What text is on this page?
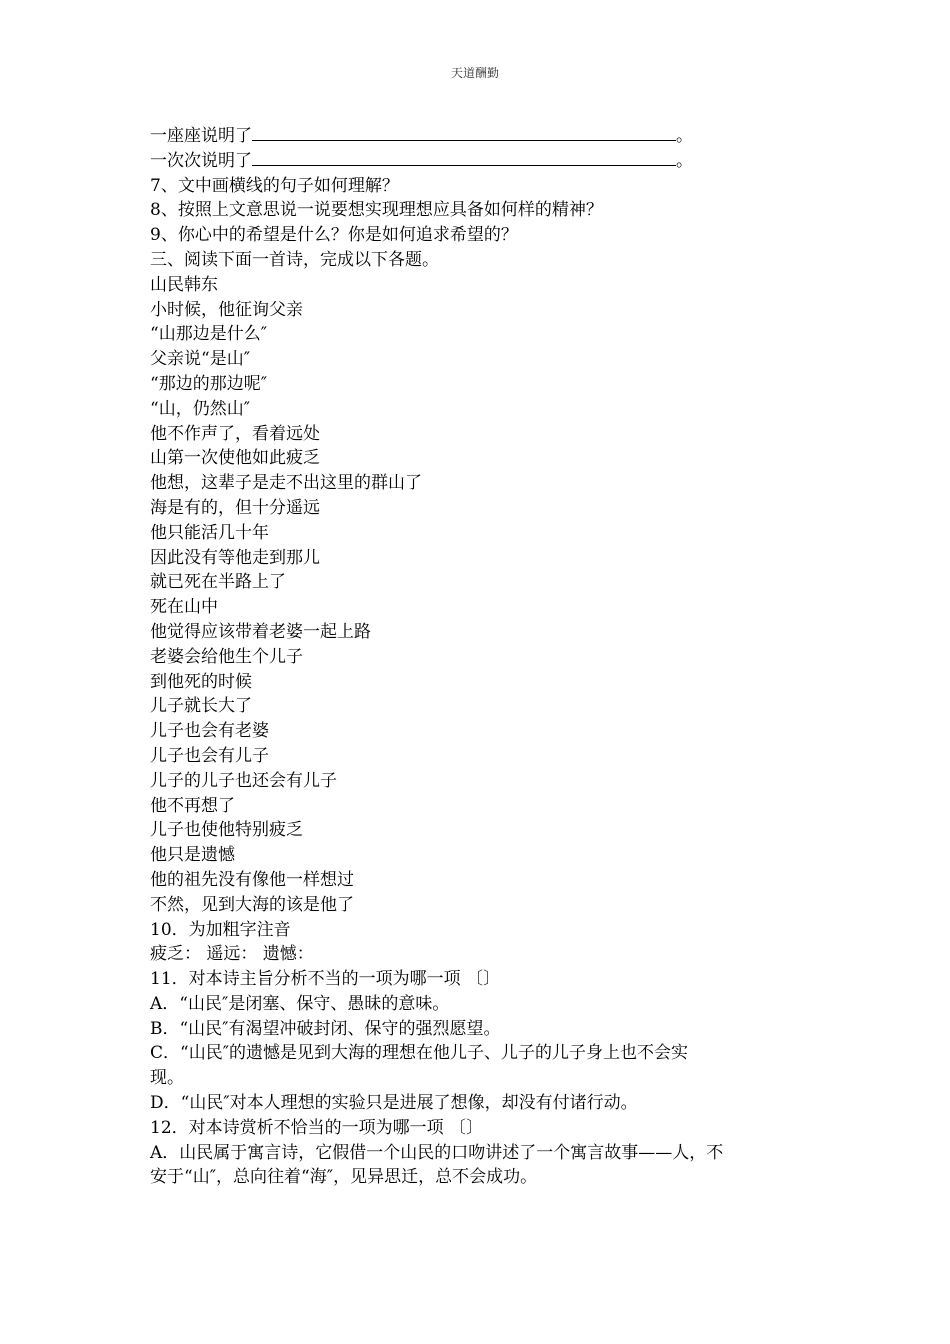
天道酬勤
一座座说明了	。
一次次说明了	。
7、文中画横线的句子如何理解？
8、按照上文意思说一说要想实现理想应具备如何样的精神？
9、你心中的希望是什么？你是如何追求希望的？
三、阅读下面一首诗，完成以下各题。
山民韩东
小时候，他征询父亲
“山那边是什么″
父亲说“是山″
“那边的那边呢″
“山，仍然山″
他不作声了，看着远处
山第一次使他如此疲乏
他想，这辈子是走不出这里的群山了
海是有的，但十分遥远
他只能活几十年
因此没有等他走到那儿
就已死在半路上了
死在山中
他觉得应该带着老婆一起上路
老婆会给他生个儿子
到他死的时候
儿子就长大了
儿子也会有老婆
儿子也会有儿子
儿子的儿子也还会有儿子
他不再想了
儿子也使他特别疲乏
他只是遗憾
他的祖先没有像他一样想过
不然，见到大海的该是他了
10．为加粗字注音
疲乏： 遥远： 遗憾：
11．对本诗主旨分析不当的一项为哪一项 〔〕
A．“山民″是闭塞、保守、愚昧的意味。
B．“山民″有渴望冲破封闭、保守的强烈愿望。
C．“山民″的遗憾是见到大海的理想在他儿子、儿子的儿子身上也不会实
现。
D．“山民″对本人理想的实验只是进展了想像，却没有付诸行动。
12．对本诗赏析不恰当的一项为哪一项 〔〕
A．山民属于寓言诗，它假借一个山民的口吻讲述了一个寓言故事——人，不
安于“山″，总向往着“海″，见异思迁，总不会成功。
